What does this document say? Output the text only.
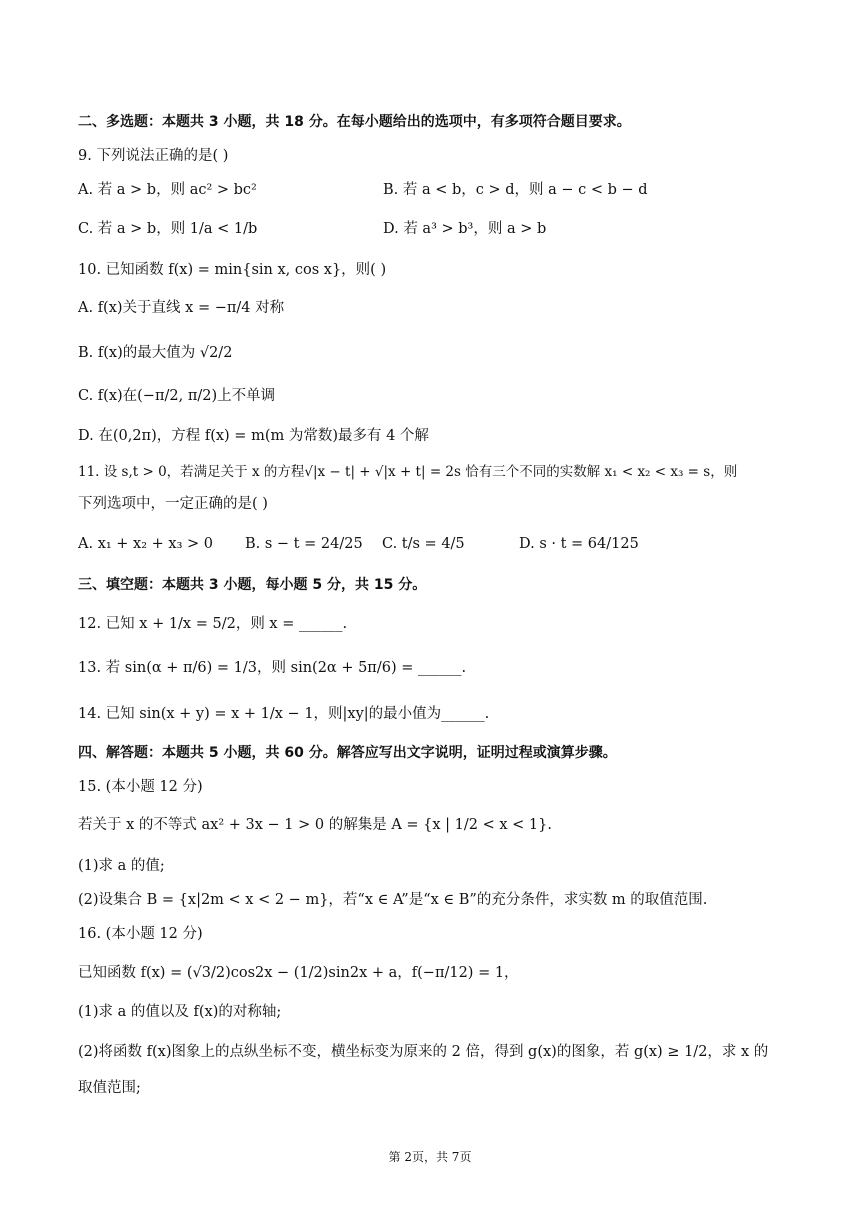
二、多选题：本题共 3 小题，共 18 分。在每小题给出的选项中，有多项符合题目要求。
9. 下列说法正确的是( )
A. 若 a > b，则 ac² > bc²	B. 若 a < b，c > d，则 a − c < b − d
C. 若 a > b，则 1/a < 1/b	D. 若 a³ > b³，则 a > b
10. 已知函数 f(x) = min{sin x, cos x}，则( )
A. f(x)关于直线 x = −π/4 对称
B. f(x)的最大值为 √2/2
C. f(x)在(−π/2, π/2)上不单调
D. 在(0,2π)，方程 f(x) = m(m 为常数)最多有 4 个解
11. 设 s,t > 0，若满足关于 x 的方程√|x − t| + √|x + t| = 2s 恰有三个不同的实数解 x₁ < x₂ < x₃ = s，则
下列选项中，一定正确的是( )
A. x₁ + x₂ + x₃ > 0 B. s − t = 24/25 C. t/s = 4/5	D. s · t = 64/125
三、填空题：本题共 3 小题，每小题 5 分，共 15 分。
12. 已知 x + 1/x = 5/2，则 x = ______.
13. 若 sin(α + π/6) = 1/3，则 sin(2α + 5π/6) = ______.
14. 已知 sin(x + y) = x + 1/x − 1，则|xy|的最小值为______.
四、解答题：本题共 5 小题，共 60 分。解答应写出文字说明，证明过程或演算步骤。
15. (本小题 12 分)
若关于 x 的不等式 ax² + 3x − 1 > 0 的解集是 A = {x | 1/2 < x < 1}.
(1)求 a 的值;
(2)设集合 B = {x|2m < x < 2 − m}，若“x ∈ A”是“x ∈ B”的充分条件，求实数 m 的取值范围.
16. (本小题 12 分)
已知函数 f(x) = (√3/2)cos2x − (1/2)sin2x + a，f(−π/12) = 1，
(1)求 a 的值以及 f(x)的对称轴;
(2)将函数 f(x)图象上的点纵坐标不变，横坐标变为原来的 2 倍，得到 g(x)的图象，若 g(x) ≥ 1/2，求 x 的
取值范围;
第 2页，共 7页
